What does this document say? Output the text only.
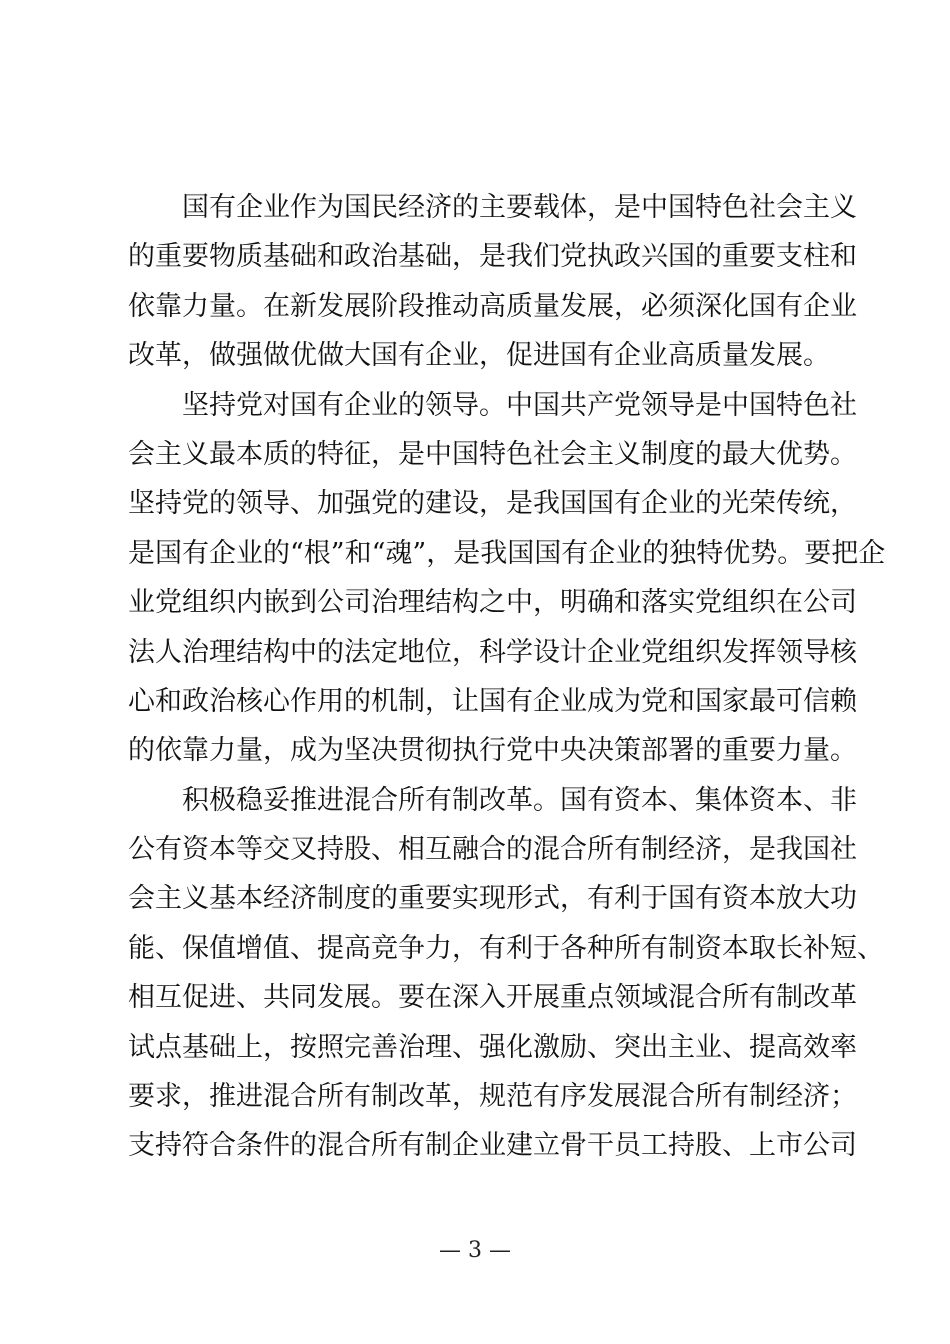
国有企业作为国民经济的主要载体，是中国特色社会主义
的重要物质基础和政治基础，是我们党执政兴国的重要支柱和
依靠力量。在新发展阶段推动高质量发展，必须深化国有企业
改革，做强做优做大国有企业，促进国有企业高质量发展。
坚持党对国有企业的领导。中国共产党领导是中国特色社
会主义最本质的特征，是中国特色社会主义制度的最大优势。
坚持党的领导、加强党的建设，是我国国有企业的光荣传统，
是国有企业的“根”和“魂”，是我国国有企业的独特优势。要把企
业党组织内嵌到公司治理结构之中，明确和落实党组织在公司
法人治理结构中的法定地位，科学设计企业党组织发挥领导核
心和政治核心作用的机制，让国有企业成为党和国家最可信赖
的依靠力量，成为坚决贯彻执行党中央决策部署的重要力量。
积极稳妥推进混合所有制改革。国有资本、集体资本、非
公有资本等交叉持股、相互融合的混合所有制经济，是我国社
会主义基本经济制度的重要实现形式，有利于国有资本放大功
能、保值增值、提高竞争力，有利于各种所有制资本取长补短、
相互促进、共同发展。要在深入开展重点领域混合所有制改革
试点基础上，按照完善治理、强化激励、突出主业、提高效率
要求，推进混合所有制改革，规范有序发展混合所有制经济；
支持符合条件的混合所有制企业建立骨干员工持股、上市公司
— 3 —
